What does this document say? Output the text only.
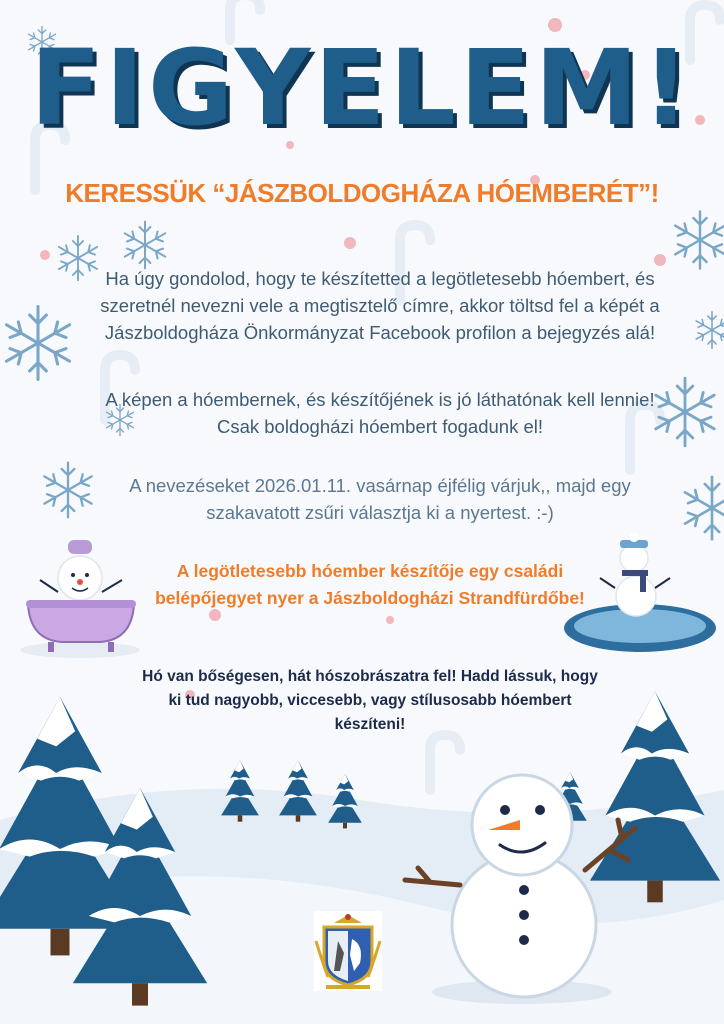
FIGYELEM!
KERESSÜK “JÁSZBOLDOGHÁZA HÓEMBERÉT”!
Ha úgy gondolod, hogy te készítetted a legötletesebb hóembert, és szeretnél nevezni vele a megtisztelő címre, akkor töltsd fel a képét a Jászboldogháza Önkormányzat Facebook profilon a bejegyzés alá!
A képen a hóembernek, és készítőjének is jó láthatónak kell lennie! Csak boldogházi hóembert fogadunk el!
A nevezéseket 2026.01.11. vasárnap éjfélig várjuk,, majd egy szakavatott zsűri választja ki a nyertest. :-)
A legötletesebb hóember készítője egy családi belépőjegyet nyer a Jászboldogházi Strandfürdőbe!
Hó van bőségesen, hát hószobrászatra fel! Hadd lássuk, hogy ki tud nagyobb, viccesebb, vagy stílusosabb hóembert készíteni!
